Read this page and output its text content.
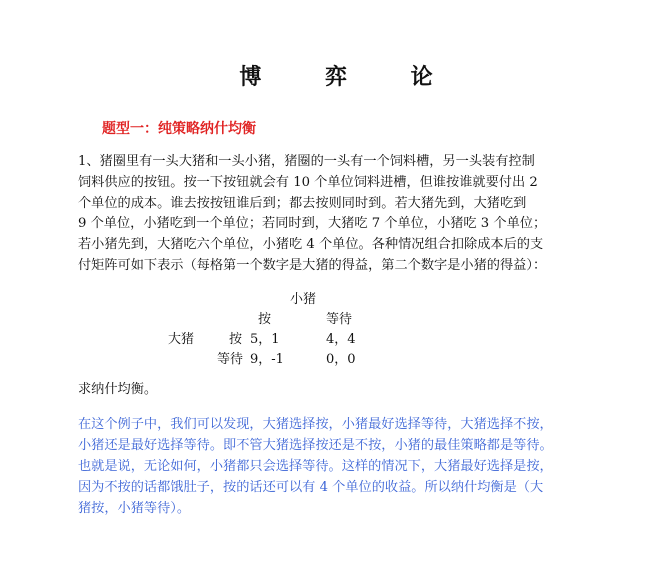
博 弈 论
题型一：纯策略纳什均衡
1、猪圈里有一头大猪和一头小猪，猪圈的一头有一个饲料槽，另一头装有控制
饲料供应的按钮。按一下按钮就会有 10 个单位饲料进槽，但谁按谁就要付出 2
个单位的成本。谁去按按钮谁后到；都去按则同时到。若大猪先到，大猪吃到
9 个单位，小猪吃到一个单位；若同时到，大猪吃 7 个单位，小猪吃 3 个单位；
若小猪先到，大猪吃六个单位，小猪吃 4 个单位。各种情况组合扣除成本后的支
付矩阵可如下表示（每格第一个数字是大猪的得益，第二个数字是小猪的得益）：
小猪
按	等待
大猪	按 5，1	4，4
等待 9，-1	0，0
求纳什均衡。
在这个例子中，我们可以发现，大猪选择按，小猪最好选择等待，大猪选择不按，
小猪还是最好选择等待。即不管大猪选择按还是不按，小猪的最佳策略都是等待。
也就是说，无论如何，小猪都只会选择等待。这样的情况下，大猪最好选择是按，
因为不按的话都饿肚子，按的话还可以有 4 个单位的收益。所以纳什均衡是（大
猪按，小猪等待）。
